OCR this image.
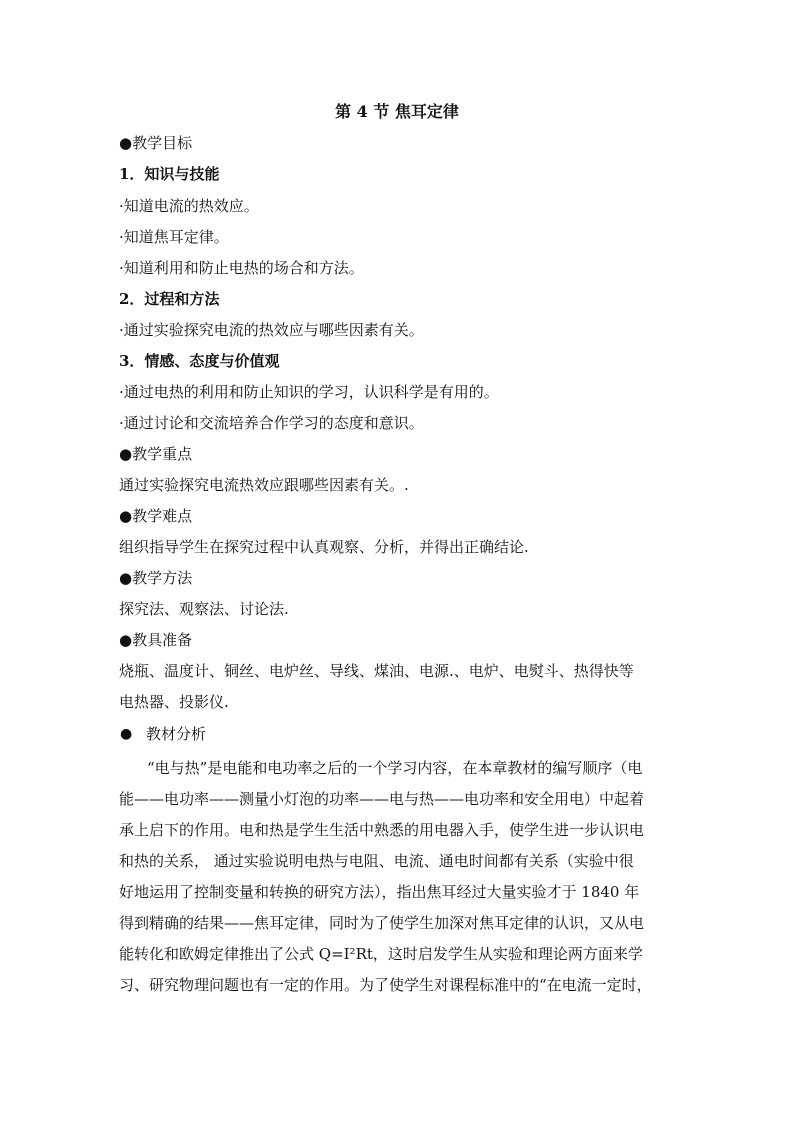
第 4 节 焦耳定律
●教学目标
1．知识与技能
·知道电流的热效应。
·知道焦耳定律。
·知道利用和防止电热的场合和方法。
2．过程和方法
·通过实验探究电流的热效应与哪些因素有关。
3．情感、态度与价值观
·通过电热的利用和防止知识的学习，认识科学是有用的。
·通过讨论和交流培养合作学习的态度和意识。
●教学重点
通过实验探究电流热效应跟哪些因素有关。.
●教学难点
组织指导学生在探究过程中认真观察、分析，并得出正确结论.
●教学方法
探究法、观察法、讨论法.
●教具准备
烧瓶、温度计、铜丝、电炉丝、导线、煤油、电源.、电炉、电熨斗、热得快等
电热器、投影仪.
● 教材分析
“电与热”是电能和电功率之后的一个学习内容，在本章教材的编写顺序（电
能——电功率——测量小灯泡的功率——电与热——电功率和安全用电）中起着
承上启下的作用。电和热是学生生活中熟悉的用电器入手，使学生进一步认识电
和热的关系， 通过实验说明电热与电阻、电流、通电时间都有关系（实验中很
好地运用了控制变量和转换的研究方法），指出焦耳经过大量实验才于 1840 年
得到精确的结果——焦耳定律，同时为了使学生加深对焦耳定律的认识，又从电
能转化和欧姆定律推出了公式 Q=I²Rt，这时启发学生从实验和理论两方面来学
习、研究物理问题也有一定的作用。为了使学生对课程标准中的“在电流一定时，
